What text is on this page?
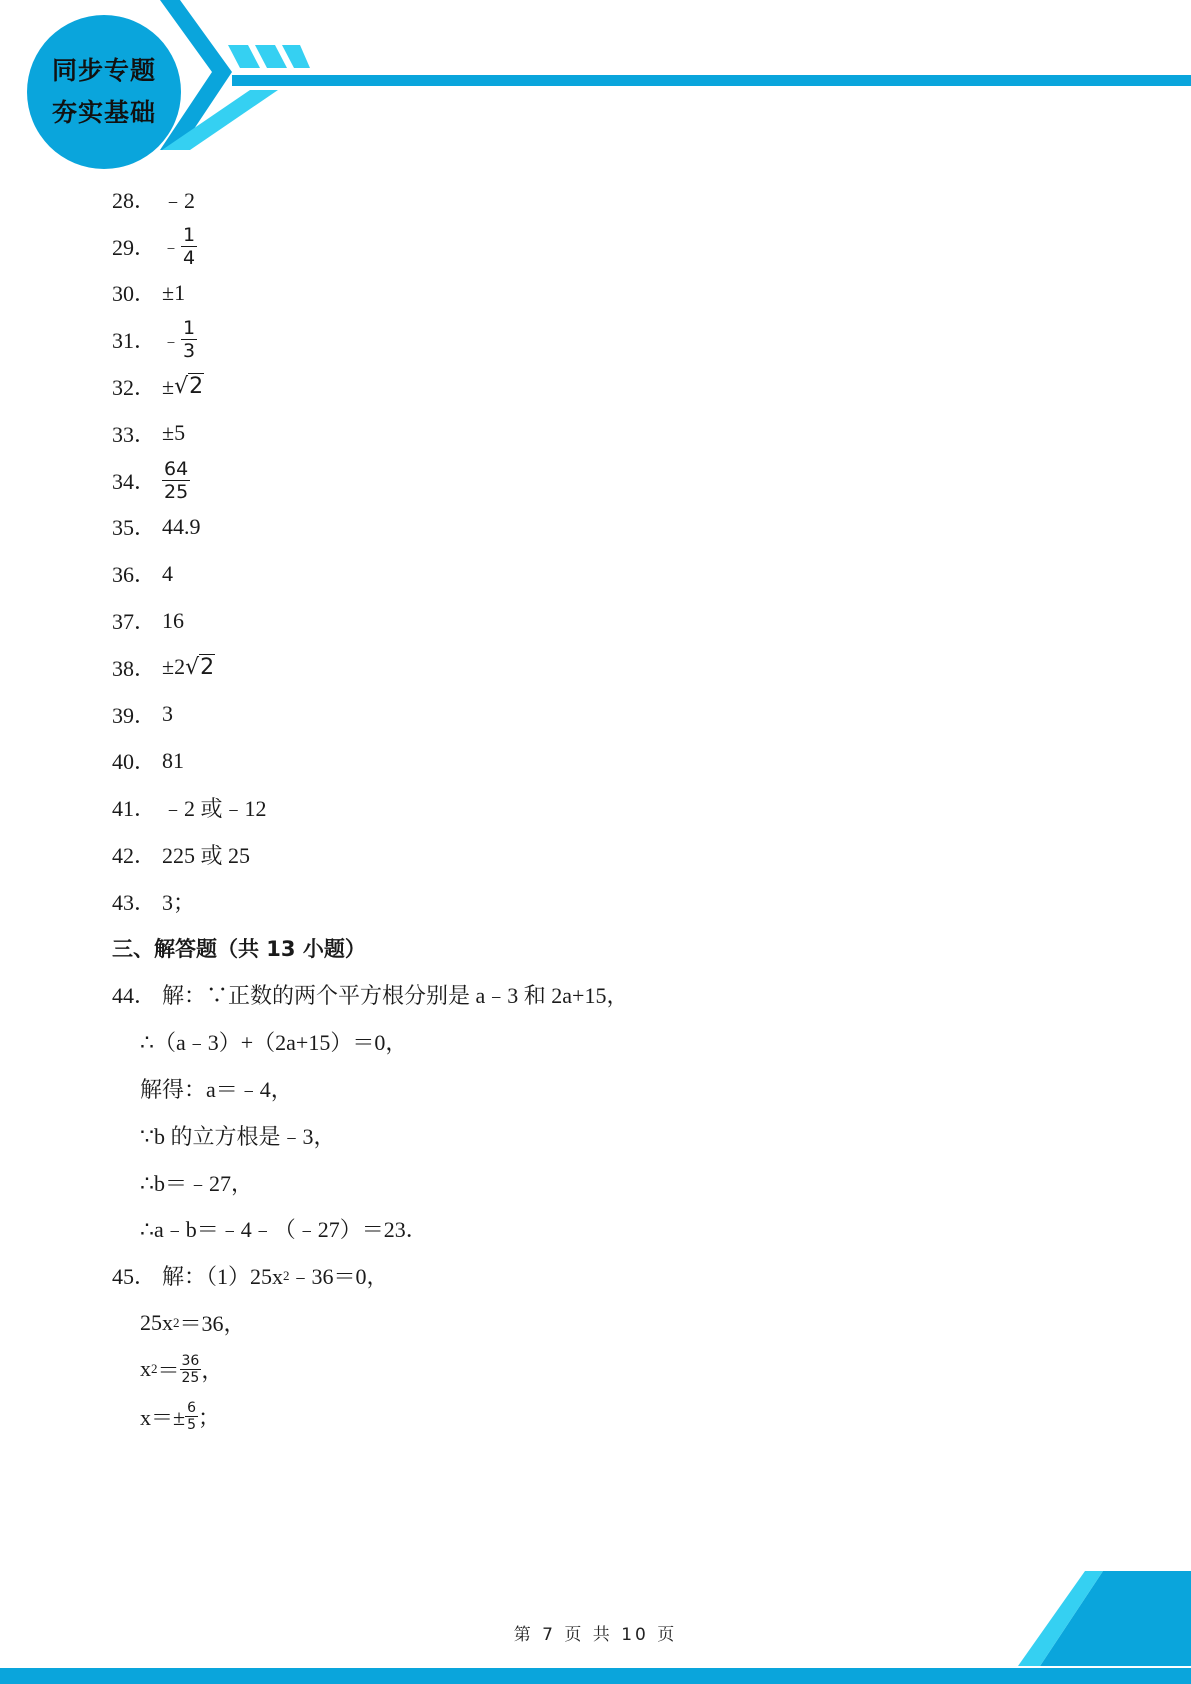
同步专题
夯实基础
28． ﹣2
29． ﹣ $\frac{1}{4}$
30． ±1
31． ﹣ $\frac{1}{3}$
32． ± √2
33． ±5
34． $\frac{64}{25}$
35． 44.9
36． 4
37． 16
38． ±2 √2
39． 3
40． 81
41． ﹣2 或﹣12
42． 225 或 25
43． 3；
三、解答题（共 13 小题）
44． 解：∵正数的两个平方根分别是 a﹣3 和 2a+15，
∴（a﹣3）+（2a+15）＝0，
解得：a＝﹣4，
∵b 的立方根是﹣3，
∴b＝﹣27，
∴a﹣b＝﹣4﹣（﹣27）＝23．
45． 解：（1）25x 2 ﹣36＝0，
25x 2 ＝36，
x $2 = \frac{36}{25}$ ，
$x=\pm \frac{6}{5}$ ；
第 7 页 共 10 页
